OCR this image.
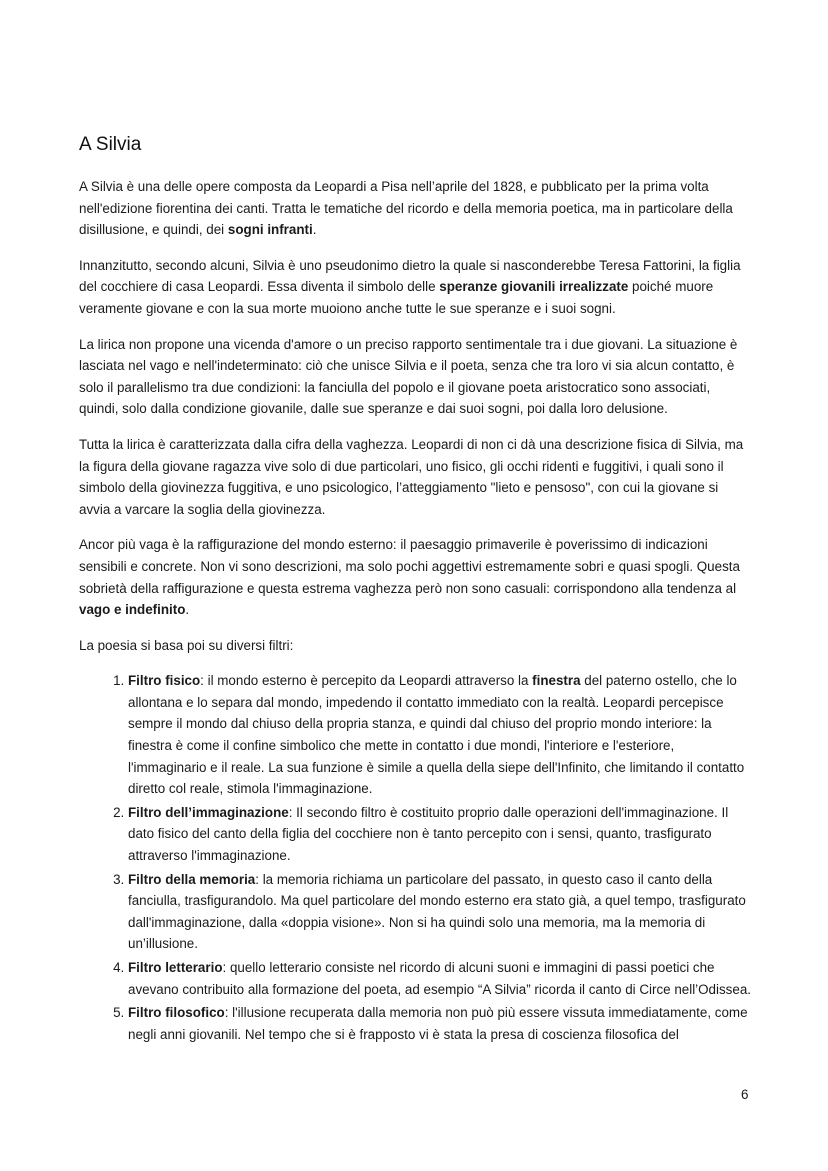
A Silvia

A Silvia è una delle opere composta da Leopardi a Pisa nell’aprile del 1828, e pubblicato per la prima volta nell'edizione fiorentina dei canti. Tratta le tematiche del ricordo e della memoria poetica, ma in particolare della disillusione, e quindi, dei sogni infranti.

Innanzitutto, secondo alcuni, Silvia è uno pseudonimo dietro la quale si nasconderebbe Teresa Fattorini, la figlia del cocchiere di casa Leopardi. Essa diventa il simbolo delle speranze giovanili irrealizzate poiché muore veramente giovane e con la sua morte muoiono anche tutte le sue speranze e i suoi sogni.

La lirica non propone una vicenda d'amore o un preciso rapporto sentimentale tra i due giovani. La situazione è lasciata nel vago e nell'indeterminato: ciò che unisce Silvia e il poeta, senza che tra loro vi sia alcun contatto, è solo il parallelismo tra due condizioni: la fanciulla del popolo e il giovane poeta aristocratico sono associati, quindi, solo dalla condizione giovanile, dalle sue speranze e dai suoi sogni, poi dalla loro delusione.

Tutta la lirica è caratterizzata dalla cifra della vaghezza. Leopardi di non ci dà una descrizione fisica di Silvia, ma la figura della giovane ragazza vive solo di due particolari, uno fisico, gli occhi ridenti e fuggitivi, i quali sono il simbolo della giovinezza fuggitiva, e uno psicologico, l’atteggiamento "lieto e pensoso", con cui la giovane si avvia a varcare la soglia della giovinezza.

Ancor più vaga è la raffigurazione del mondo esterno: il paesaggio primaverile è poverissimo di indicazioni sensibili e concrete. Non vi sono descrizioni, ma solo pochi aggettivi estremamente sobri e quasi spogli. Questa sobrietà della raffigurazione e questa estrema vaghezza però non sono casuali: corrispondono alla tendenza al vago e indefinito.

La poesia si basa poi su diversi filtri:

1. Filtro fisico: il mondo esterno è percepito da Leopardi attraverso la finestra del paterno ostello, che lo allontana e lo separa dal mondo, impedendo il contatto immediato con la realtà. Leopardi percepisce sempre il mondo dal chiuso della propria stanza, e quindi dal chiuso del proprio mondo interiore: la finestra è come il confine simbolico che mette in contatto i due mondi, l'interiore e l'esteriore, l'immaginario e il reale. La sua funzione è simile a quella della siepe dell'Infinito, che limitando il contatto diretto col reale, stimola l'immaginazione.
2. Filtro dell’immaginazione: Il secondo filtro è costituito proprio dalle operazioni dell'immaginazione. Il dato fisico del canto della figlia del cocchiere non è tanto percepito con i sensi, quanto, trasfigurato attraverso l'immaginazione.
3. Filtro della memoria: la memoria richiama un particolare del passato, in questo caso il canto della fanciulla, trasfigurandolo. Ma quel particolare del mondo esterno era stato già, a quel tempo, trasfigurato dall'immaginazione, dalla «doppia visione». Non si ha quindi solo una memoria, ma la memoria di un’illusione.
4. Filtro letterario: quello letterario consiste nel ricordo di alcuni suoni e immagini di passi poetici che avevano contribuito alla formazione del poeta, ad esempio “A Silvia” ricorda il canto di Circe nell’Odissea.
5. Filtro filosofico: l'illusione recuperata dalla memoria non può più essere vissuta immediatamente, come negli anni giovanili. Nel tempo che si è frapposto vi è stata la presa di coscienza filosofica del
6
